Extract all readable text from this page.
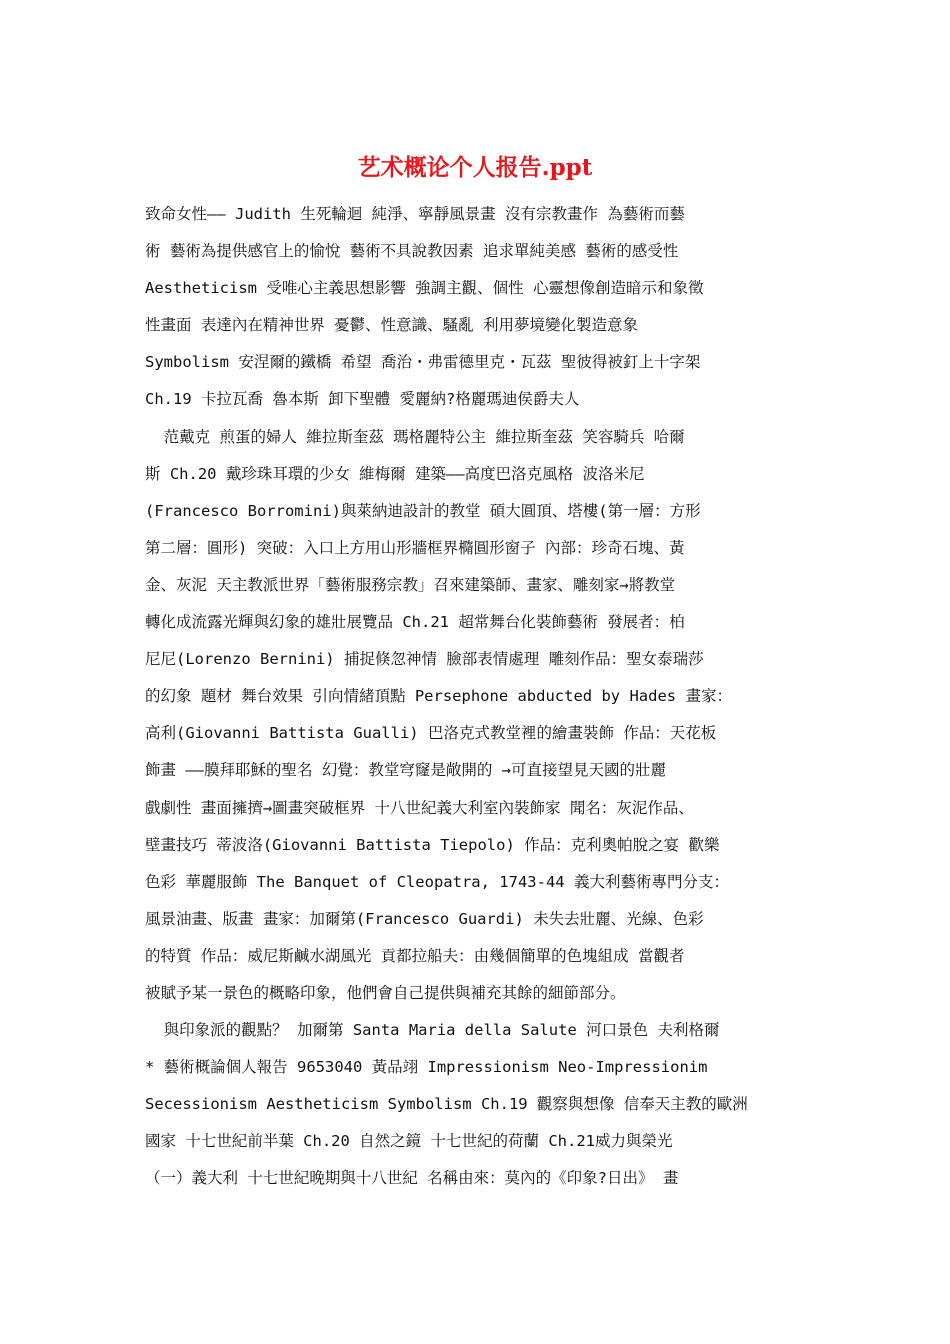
艺术概论个人报告.ppt
致命女性—— Judith 生死輪迴 純淨、寧靜風景畫 沒有宗教畫作 為藝術而藝
術 藝術為提供感官上的愉悅 藝術不具說教因素 追求單純美感 藝術的感受性
Aestheticism 受唯心主義思想影響 強調主觀、個性 心靈想像創造暗示和象徵
性畫面 表達內在精神世界 憂鬱、性意識、騷亂 利用夢境變化製造意象
Symbolism 安涅爾的鐵橋 希望 喬治・弗雷德里克・瓦茲 聖彼得被釘上十字架
Ch.19 卡拉瓦喬 魯本斯 卸下聖體 愛麗納?格麗瑪迪侯爵夫人
范戴克 煎蛋的婦人 維拉斯奎茲 瑪格麗特公主 維拉斯奎茲 笑容騎兵 哈爾
斯 Ch.20 戴珍珠耳環的少女 維梅爾 建築——高度巴洛克風格 波洛米尼
(Francesco Borromini)與萊納迪設計的教堂 碩大圓頂、塔樓(第一層：方形
第二層：圓形) 突破：入口上方用山形牆框界橢圓形窗子 內部：珍奇石塊、黃
金、灰泥 天主教派世界「藝術服務宗教」召來建築師、畫家、雕刻家→將教堂
轉化成流露光輝與幻象的雄壯展覽品 Ch.21 超常舞台化裝飾藝術 發展者：柏
尼尼(Lorenzo Bernini) 捕捉倏忽神情 臉部表情處理 雕刻作品：聖女泰瑞莎
的幻象 題材 舞台效果 引向情緒頂點 Persephone abducted by Hades 畫家：
高利(Giovanni Battista Gualli) 巴洛克式教堂裡的繪畫裝飾 作品：天花板
飾畫 ——膜拜耶穌的聖名 幻覺：教堂穹窿是敞開的 →可直接望見天國的壯麗
戲劇性 畫面擁擠→圖畫突破框界 十八世紀義大利室內裝飾家 聞名：灰泥作品、
壁畫技巧 蒂波洛(Giovanni Battista Tiepolo) 作品：克利奧帕脫之宴 歡樂
色彩 華麗服飾 The Banquet of Cleopatra, 1743-44 義大利藝術專門分支：
風景油畫、版畫 畫家：加爾第(Francesco Guardi) 未失去壯麗、光線、色彩
的特質 作品：威尼斯鹹水湖風光 貢都拉船夫：由幾個簡單的色塊組成 當觀者
被賦予某一景色的概略印象，他們會自己提供與補充其餘的細節部分。
與印象派的觀點？ 加爾第 Santa Maria della Salute 河口景色 夫利格爾
* 藝術概論個人報告 9653040 黃品翊 Impressionism Neo-Impressionim
Secessionism Aestheticism Symbolism Ch.19 觀察與想像 信奉天主教的歐洲
國家 十七世紀前半葉 Ch.20 自然之鏡 十七世紀的荷蘭 Ch.21威力與榮光
（一）義大利 十七世紀晚期與十八世紀 名稱由來：莫內的《印象?日出》 畫
